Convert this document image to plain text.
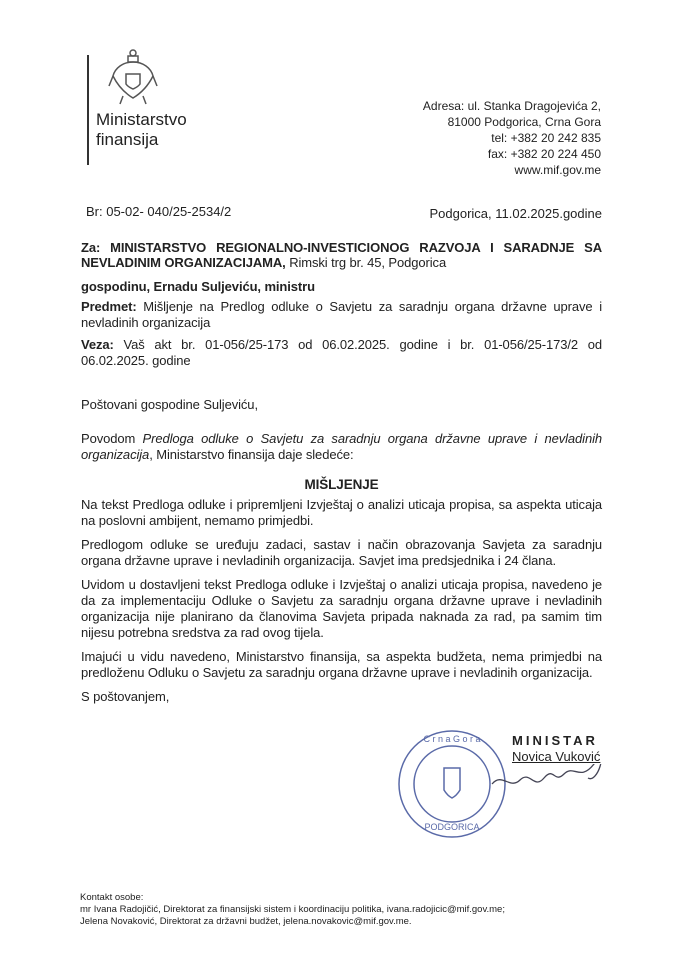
Ministarstvo
finansija
Adresa: ul. Stanka Dragojevića 2,
81000 Podgorica, Crna Gora
tel: +382 20 242 835
fax: +382 20 224 450
www.mif.gov.me
Br: 05-02- 040/25-2534/2	Podgorica, 11.02.2025.godine
Za: MINISTARSTVO REGIONALNO-INVESTICIONOG RAZVOJA I SARADNJE SA NEVLADINIM ORGANIZACIJAMA, Rimski trg br. 45, Podgorica
gospodinu, Ernadu Suljeviću, ministru
Predmet: Mišljenje na Predlog odluke o Savjetu za saradnju organa državne uprave i nevladinih organizacija
Veza: Vaš akt br. 01-056/25-173 od 06.02.2025. godine i br. 01-056/25-173/2 od 06.02.2025. godine
Poštovani gospodine Suljeviću,
Povodom Predloga odluke o Savjetu za saradnju organa državne uprave i nevladinih organizacija, Ministarstvo finansija daje sledeće:
MIŠLJENJE
Na tekst Predloga odluke i pripremljeni Izvještaj o analizi uticaja propisa, sa aspekta uticaja na poslovni ambijent, nemamo primjedbi.
Predlogom odluke se uređuju zadaci, sastav i način obrazovanja Savjeta za saradnju organa državne uprave i nevladinih organizacija. Savjet ima predsjednika i 24 člana.
Uvidom u dostavljeni tekst Predloga odluke i Izvještaj o analizi uticaja propisa, navedeno je da za implementaciju Odluke o Savjetu za saradnju organa državne uprave i nevladinih organizacija nije planirano da članovima Savjeta pripada naknada za rad, pa samim tim nijesu potrebna sredstva za rad ovog tijela.
Imajući u vidu navedeno, Ministarstvo finansija, sa aspekta budžeta, nema primjedbi na predloženu Odluku o Savjetu za saradnju organa državne uprave i nevladinih organizacija.
S poštovanjem,
C r n a G o r a
PODGORICA
MINISTAR
Novica Vuković
Kontakt osobe:
mr Ivana Radojičić, Direktorat za finansijski sistem i koordinaciju politika, ivana.radojicic@mif.gov.me;
Jelena Novaković, Direktorat za državni budžet, jelena.novakovic@mif.gov.me.
